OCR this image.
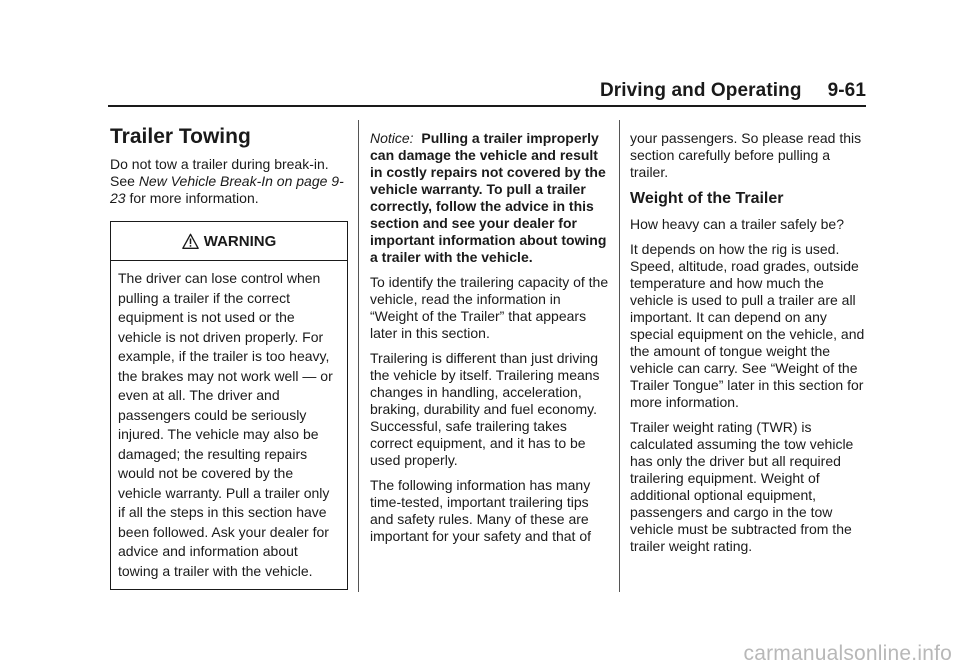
Driving and Operating 9-61
Trailer Towing

Do not tow a trailer during break-in.
See New Vehicle Break-In on page 9-23 for more information.

WARNING
The driver can lose control when pulling a trailer if the correct equipment is not used or the vehicle is not driven properly. For example, if the trailer is too heavy, the brakes may not work well — or even at all. The driver and passengers could be seriously injured. The vehicle may also be damaged; the resulting repairs would not be covered by the vehicle warranty. Pull a trailer only if all the steps in this section have been followed. Ask your dealer for advice and information about towing a trailer with the vehicle.

Notice: Pulling a trailer improperly can damage the vehicle and result in costly repairs not covered by the vehicle warranty. To pull a trailer correctly, follow the advice in this section and see your dealer for important information about towing a trailer with the vehicle.

To identify the trailering capacity of the vehicle, read the information in “Weight of the Trailer” that appears later in this section.

Trailering is different than just driving the vehicle by itself. Trailering means changes in handling, acceleration, braking, durability and fuel economy. Successful, safe trailering takes correct equipment, and it has to be used properly.

The following information has many time-tested, important trailering tips and safety rules. Many of these are important for your safety and that of

your passengers. So please read this section carefully before pulling a trailer.

Weight of the Trailer

How heavy can a trailer safely be?

It depends on how the rig is used. Speed, altitude, road grades, outside temperature and how much the vehicle is used to pull a trailer are all important. It can depend on any special equipment on the vehicle, and the amount of tongue weight the vehicle can carry. See “Weight of the Trailer Tongue” later in this section for more information.

Trailer weight rating (TWR) is calculated assuming the tow vehicle has only the driver but all required trailering equipment. Weight of additional optional equipment, passengers and cargo in the tow vehicle must be subtracted from the trailer weight rating.

carmanualsonline.info
